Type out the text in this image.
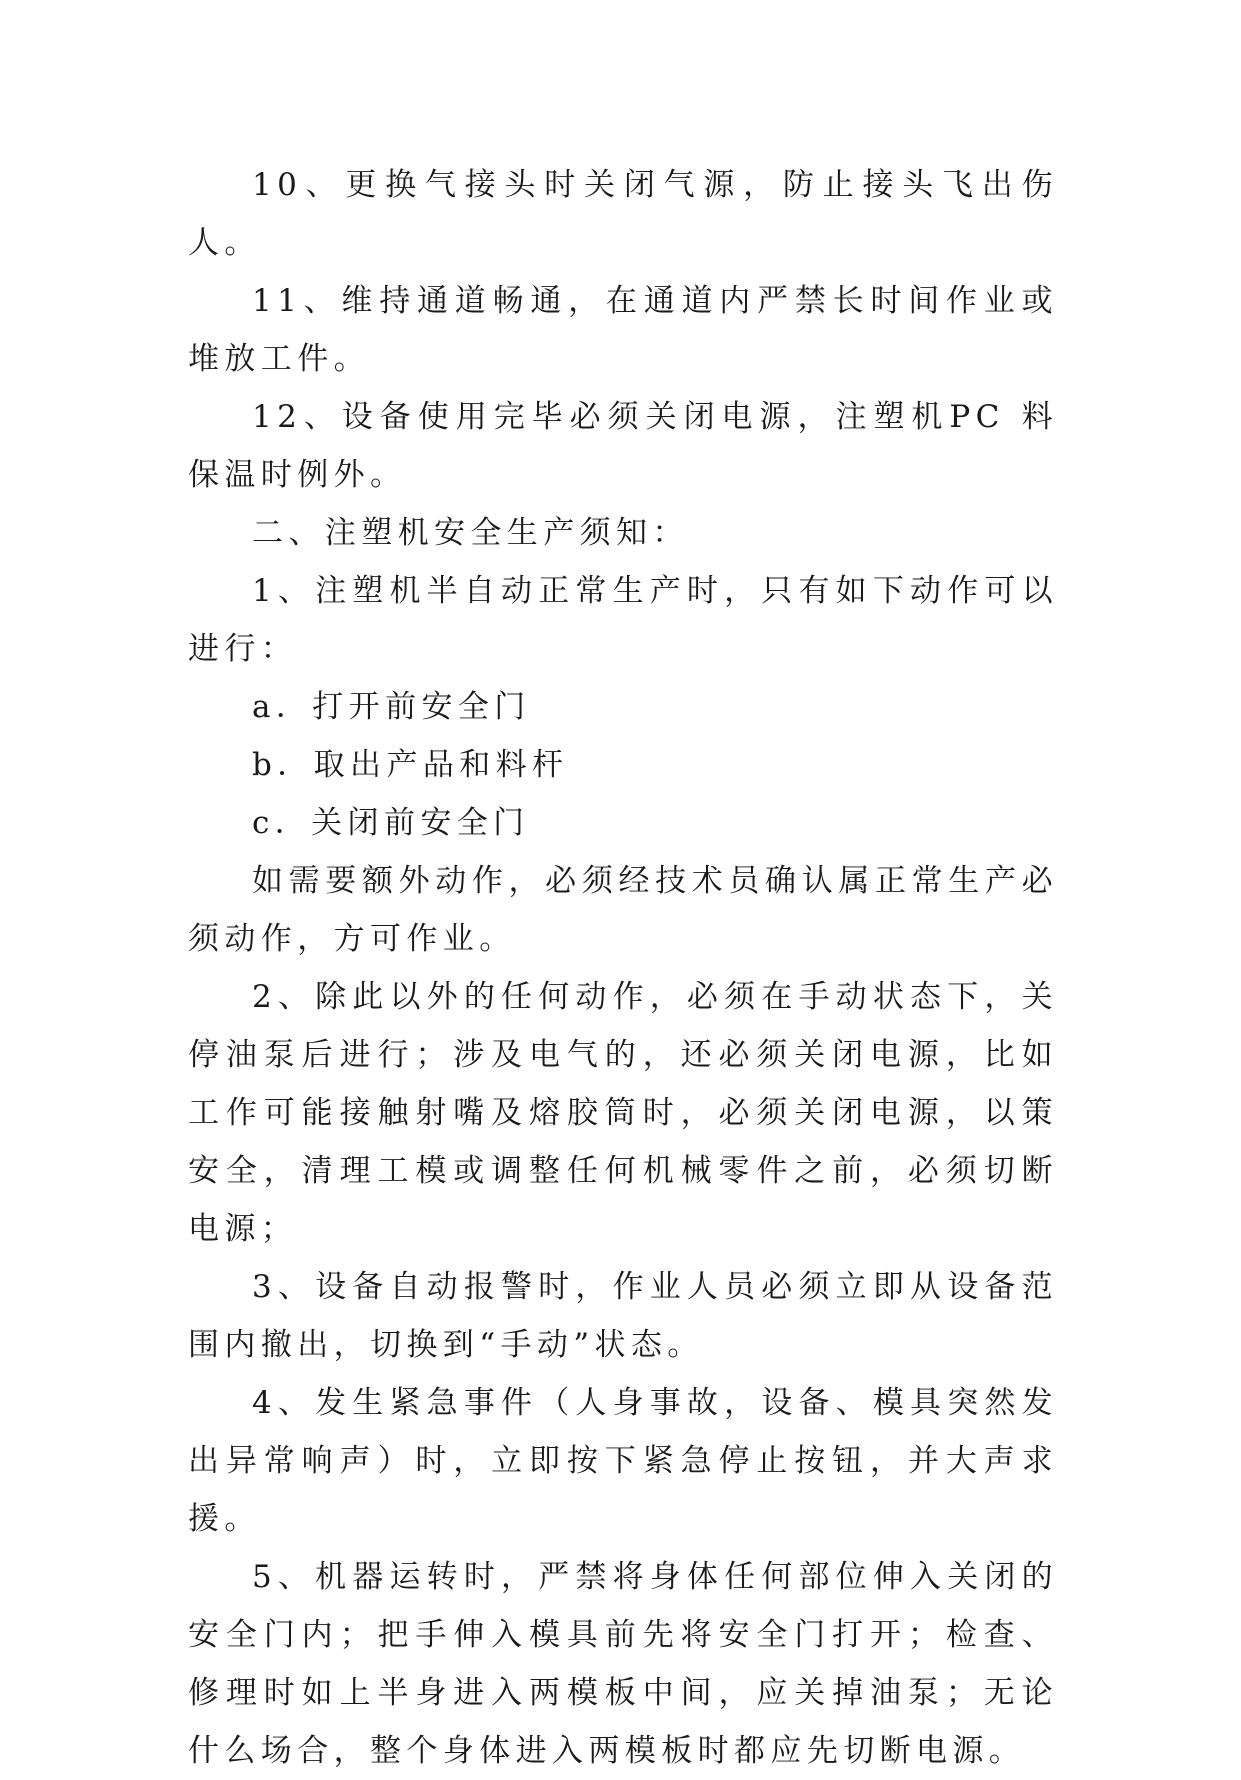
10、更换气接头时关闭气源，防止接头飞出伤人。

11、维持通道畅通，在通道内严禁长时间作业或堆放工件。

12、设备使用完毕必须关闭电源，注塑机PC 料保温时例外。

二、注塑机安全生产须知：

1、注塑机半自动正常生产时，只有如下动作可以进行：

a．打开前安全门

b．取出产品和料杆

c．关闭前安全门

如需要额外动作，必须经技术员确认属正常生产必须动作，方可作业。

2、除此以外的任何动作，必须在手动状态下，关停油泵后进行；涉及电气的，还必须关闭电源，比如工作可能接触射嘴及熔胶筒时，必须关闭电源，以策安全，清理工模或调整任何机械零件之前，必须切断电源；

3、设备自动报警时，作业人员必须立即从设备范围内撤出，切换到“手动”状态。

4、发生紧急事件（人身事故，设备、模具突然发出异常响声）时，立即按下紧急停止按钮，并大声求援。

5、机器运转时，严禁将身体任何部位伸入关闭的安全门内；把手伸入模具前先将安全门打开；检查、修理时如上半身进入两模板中间，应关掉油泵；无论什么场合，整个身体进入两模板时都应先切断电源。
